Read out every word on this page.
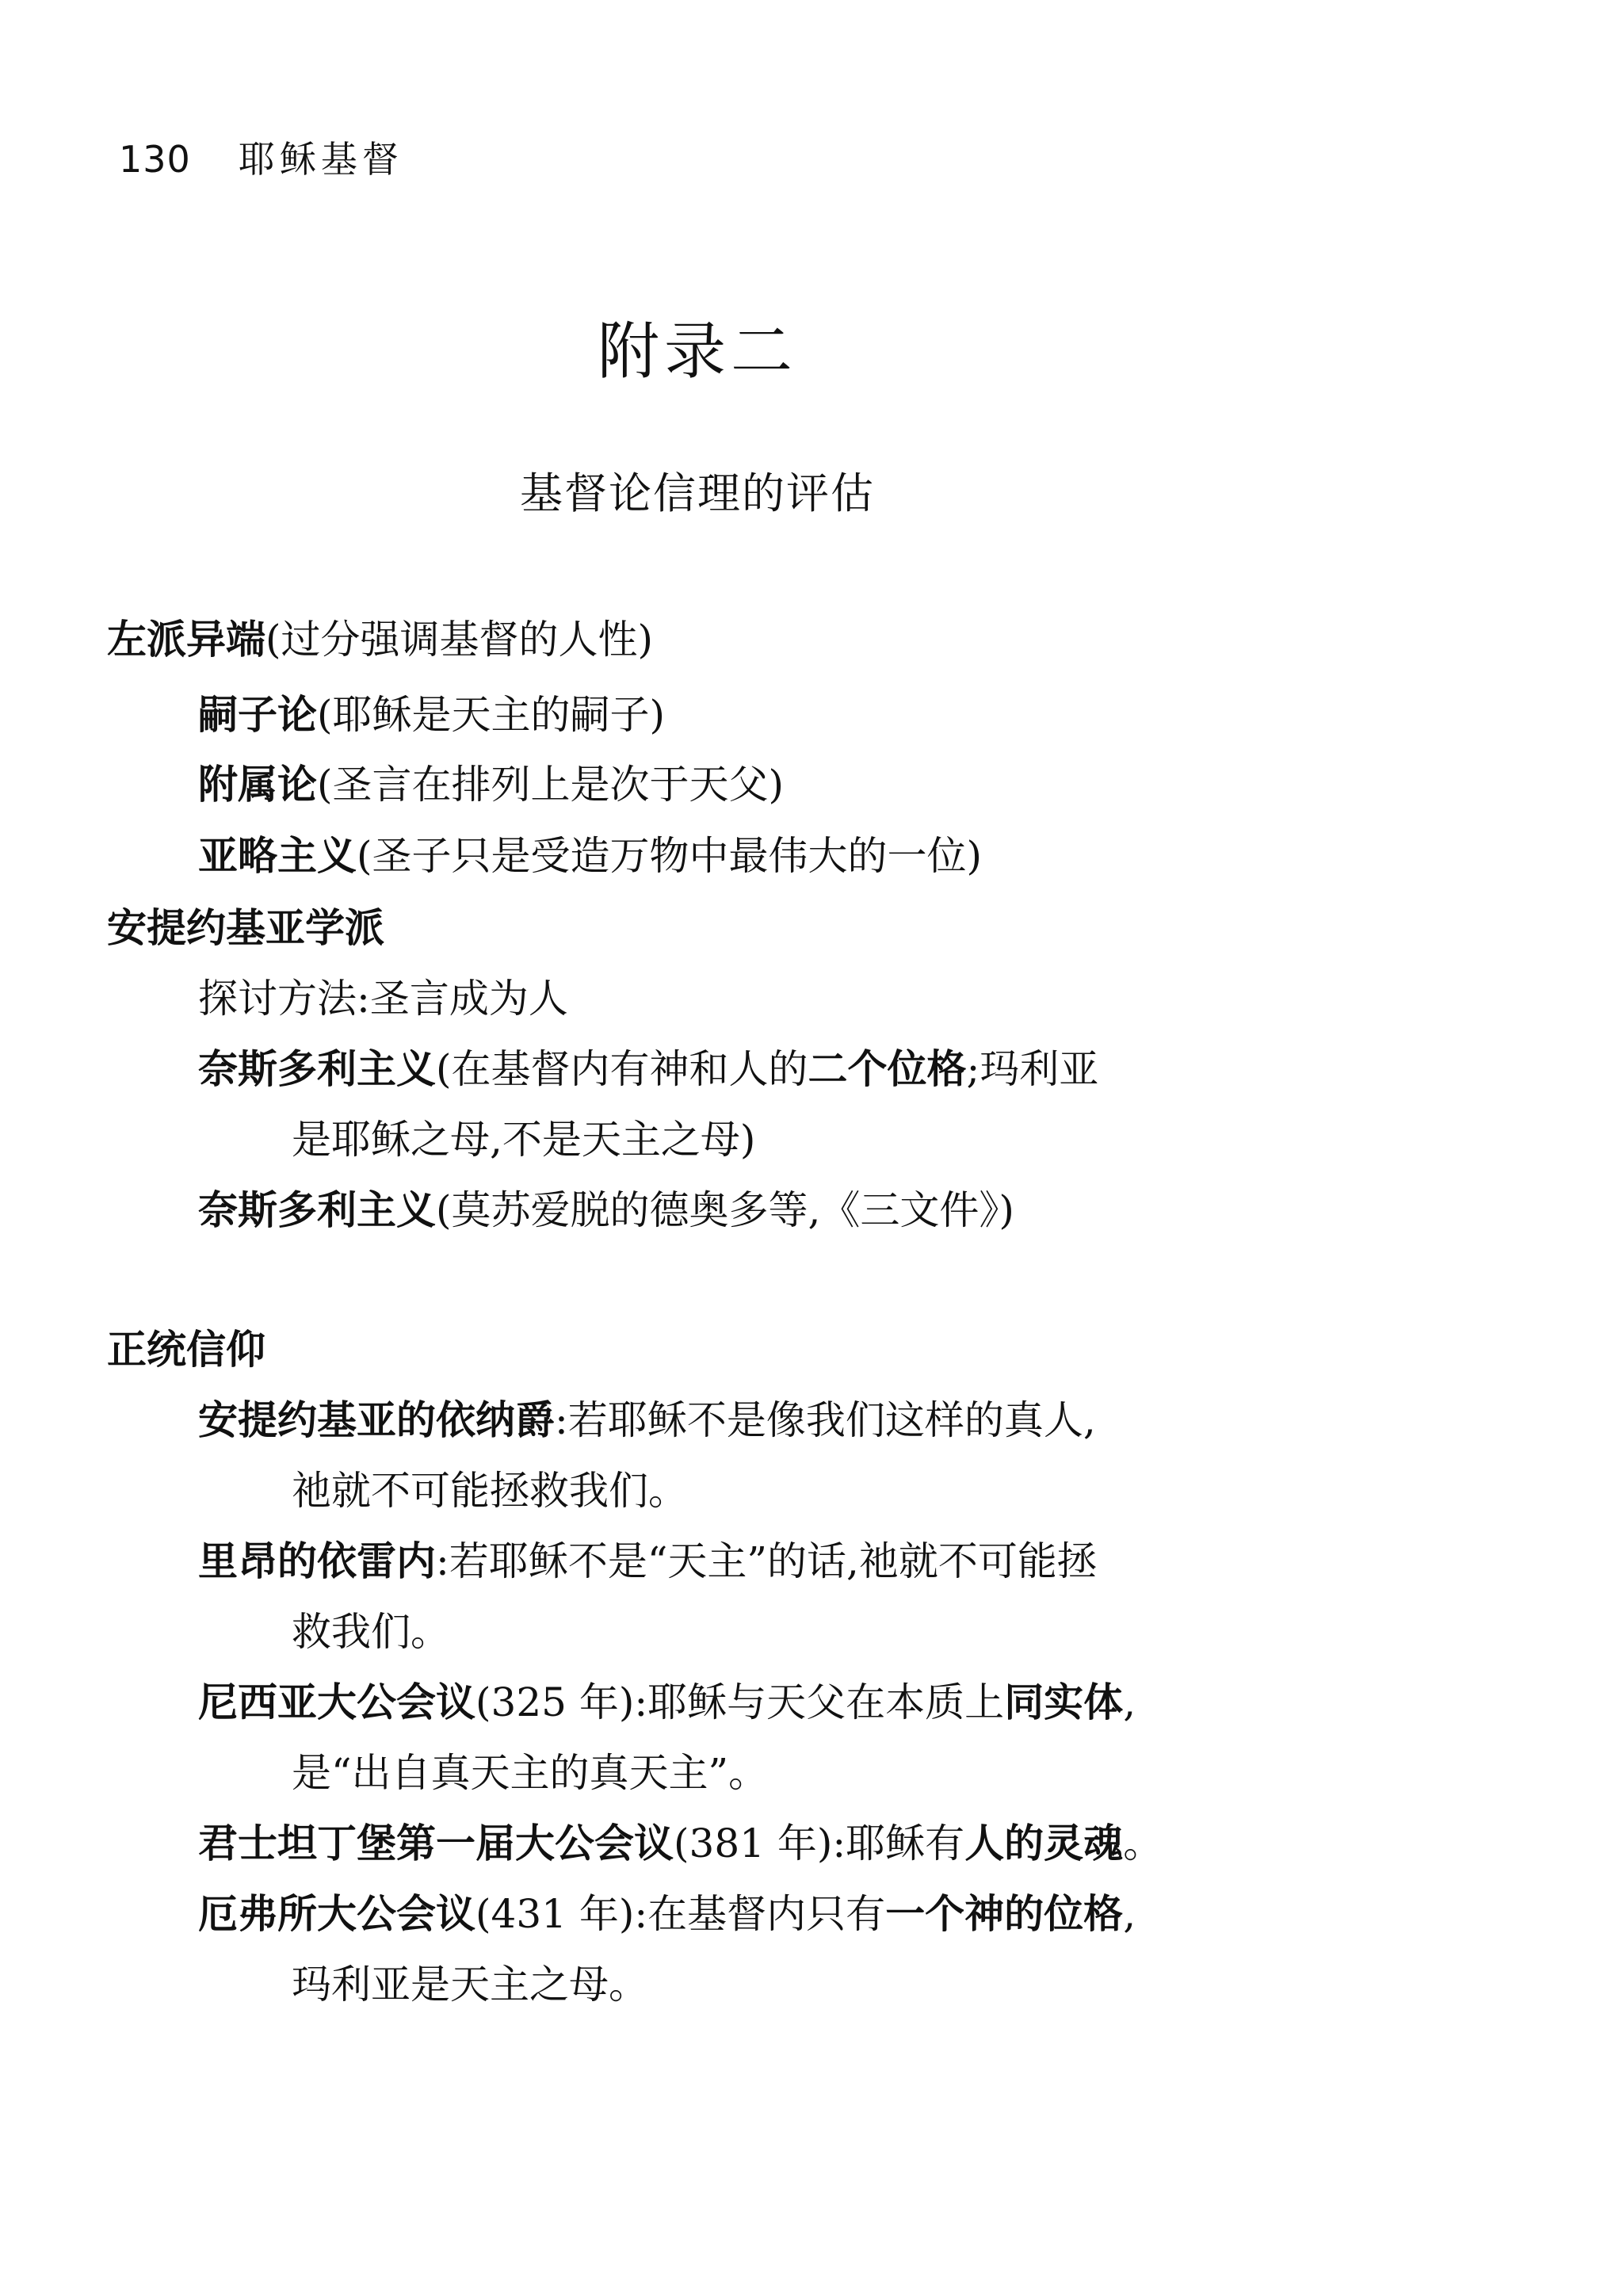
130 耶稣基督
附录二
基督论信理的评估
左派异端(过分强调基督的人性)
嗣子论(耶稣是天主的嗣子)
附属论(圣言在排列上是次于天父)
亚略主义(圣子只是受造万物中最伟大的一位)
安提约基亚学派
探讨方法:圣言成为人
奈斯多利主义(在基督内有神和人的二个位格;玛利亚
是耶稣之母,不是天主之母)
奈斯多利主义(莫苏爱脱的德奥多等,《三文件》)
正统信仰
安提约基亚的依纳爵:若耶稣不是像我们这样的真人,
祂就不可能拯救我们。
里昂的依雷内:若耶稣不是“天主”的话,祂就不可能拯
救我们。
尼西亚大公会议(325 年):耶稣与天父在本质上同实体,
是“出自真天主的真天主”。
君士坦丁堡第一届大公会议(381 年):耶稣有人的灵魂。
厄弗所大公会议(431 年):在基督内只有一个神的位格,
玛利亚是天主之母。
